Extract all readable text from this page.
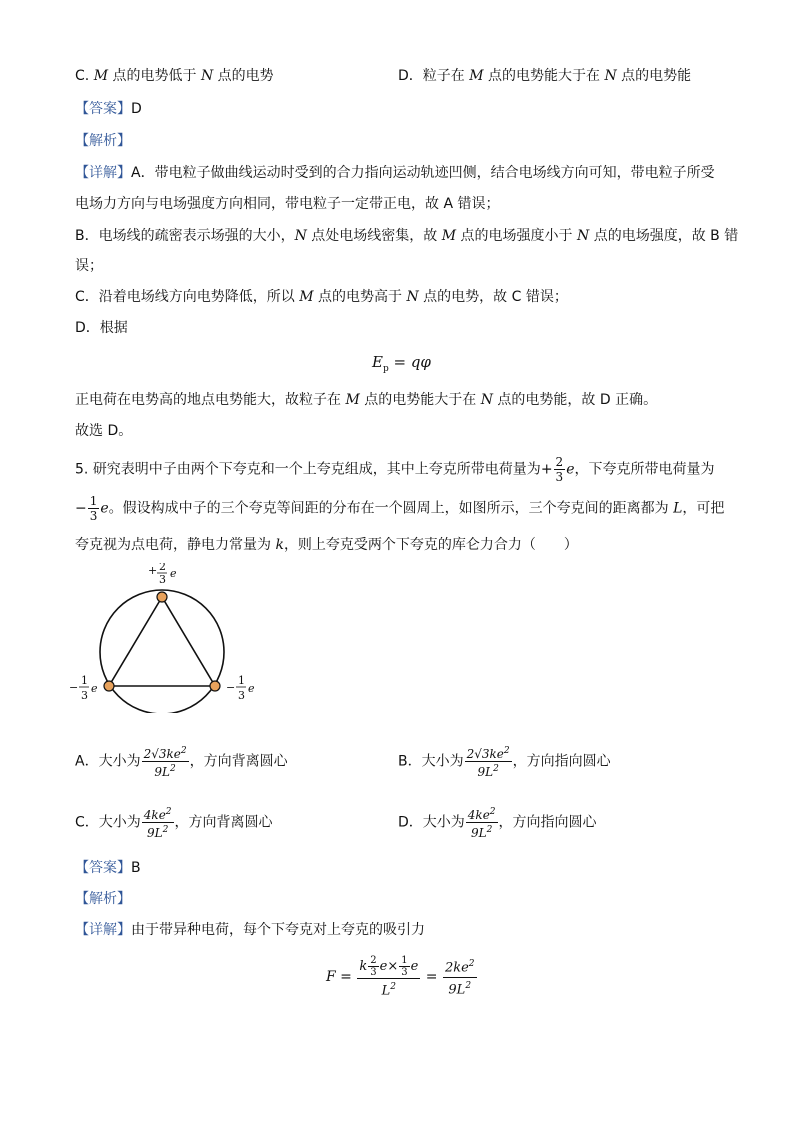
C. M 点的电势低于 N 点的电势	D．粒子在 M 点的电势能大于在 N 点的电势能
【答案】D
【解析】
【详解】A．带电粒子做曲线运动时受到的合力指向运动轨迹凹侧，结合电场线方向可知，带电粒子所受
电场力方向与电场强度方向相同，带电粒子一定带正电，故 A 错误；
B．电场线的疏密表示场强的大小，N 点处电场线密集，故 M 点的电场强度小于 N 点的电场强度，故 B 错
误；
C．沿着电场线方向电势降低，所以 M 点的电势高于 N 点的电势，故 C 错误；
D．根据
$E_p = q\varphi$
正电荷在电势高的地点电势能大，故粒子在 M 点的电势能大于在 N 点的电势能，故 D 正确。
故选 D。
5. 研究表明中子由两个下夸克和一个上夸克组成，其中上夸克所带电荷量为+ $\frac{2}{3}$ e，下夸克所带电荷量为
− $\frac{1}{3}$ e。假设构成中子的三个夸克等间距的分布在一个圆周上，如图所示，三个夸克间的距离都为 L，可把
夸克视为点电荷，静电力常量为 k，则上夸克受两个下夸克的库仑力合力（　　）
+ 2
3 e
−
1
3
e	−
1
3
e
A．大小为 $\frac{2√3ke^2}{9L^2}$ ，方向背离圆心	B．大小为 $\frac{2√3ke^2}{9L^2}$ ，方向指向圆心
C．大小为 $\frac{4ke^2}{9L^2}$ ，方向背离圆心	D．大小为 $\frac{4ke^2}{9L^2}$ ，方向指向圆心
【答案】B
【解析】
【详解】由于带异种电荷，每个下夸克对上夸克的吸引力
$F = \frac{k \frac{2}{3} e\times \frac{1}{3} e}{L^2} = \frac{2ke^2}{9L^2}$
